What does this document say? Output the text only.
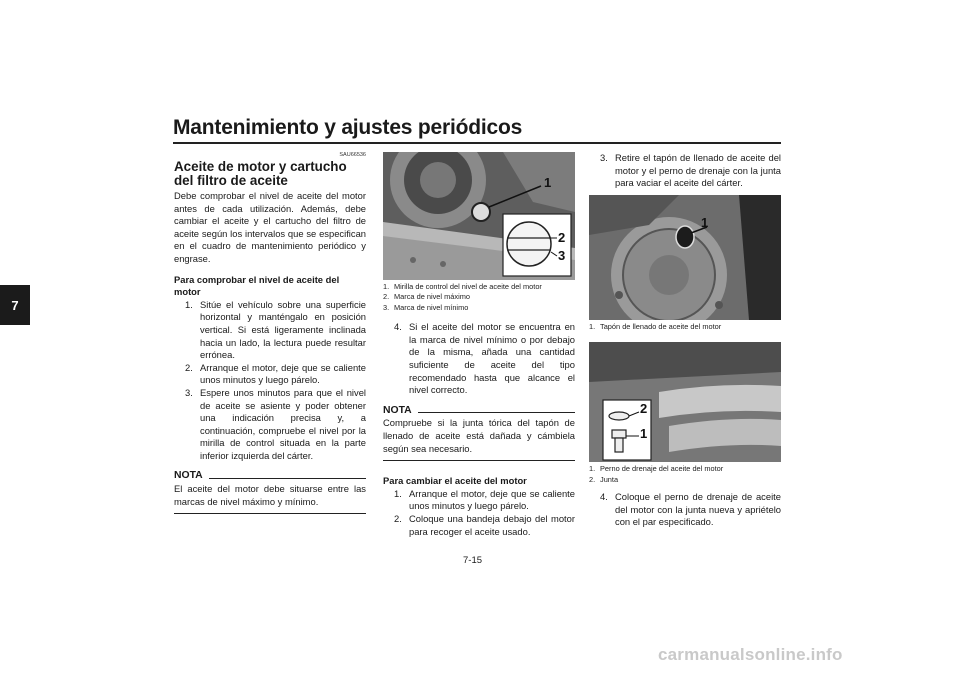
Mantenimiento y ajustes periódicos
7
SAU66536
Aceite de motor y cartucho del filtro de aceite

Debe comprobar el nivel de aceite del motor antes de cada utilización. Además, debe cambiar el aceite y el cartucho del filtro de aceite según los intervalos que se especifican en el cuadro de mantenimiento periódico y engrase.

Para comprobar el nivel de aceite del motor
1. Sitúe el vehículo sobre una superficie horizontal y manténgalo en posición vertical. Si está ligeramente inclinada hacia un lado, la lectura puede resultar errónea.
2. Arranque el motor, deje que se caliente unos minutos y luego párelo.
3. Espere unos minutos para que el nivel de aceite se asiente y poder obtener una indicación precisa y, a continuación, compruebe el nivel por la mirilla de control situada en la parte inferior izquierda del cárter.
NOTA

El aceite del motor debe situarse entre las marcas de nivel máximo y mínimo.

1
2
3
1. Mirilla de control del nivel de aceite del motor
2. Marca de nivel máximo
3. Marca de nivel mínimo
4. Si el aceite del motor se encuentra en la marca de nivel mínimo o por debajo de la misma, añada una cantidad suficiente de aceite del tipo recomendado hasta que alcance el nivel correcto.
NOTA

Compruebe si la junta tórica del tapón de llenado de aceite está dañada y cámbiela según sea necesario.

Para cambiar el aceite del motor
1. Arranque el motor, deje que se caliente unos minutos y luego párelo.
2. Coloque una bandeja debajo del motor para recoger el aceite usado.
3. Retire el tapón de llenado de aceite del motor y el perno de drenaje con la junta para vaciar el aceite del cárter.
1
1. Tapón de llenado de aceite del motor
2
1
1. Perno de drenaje del aceite del motor
2. Junta
4. Coloque el perno de drenaje de aceite del motor con la junta nueva y apriételo con el par especificado.
7-15
carmanualsonline.info
